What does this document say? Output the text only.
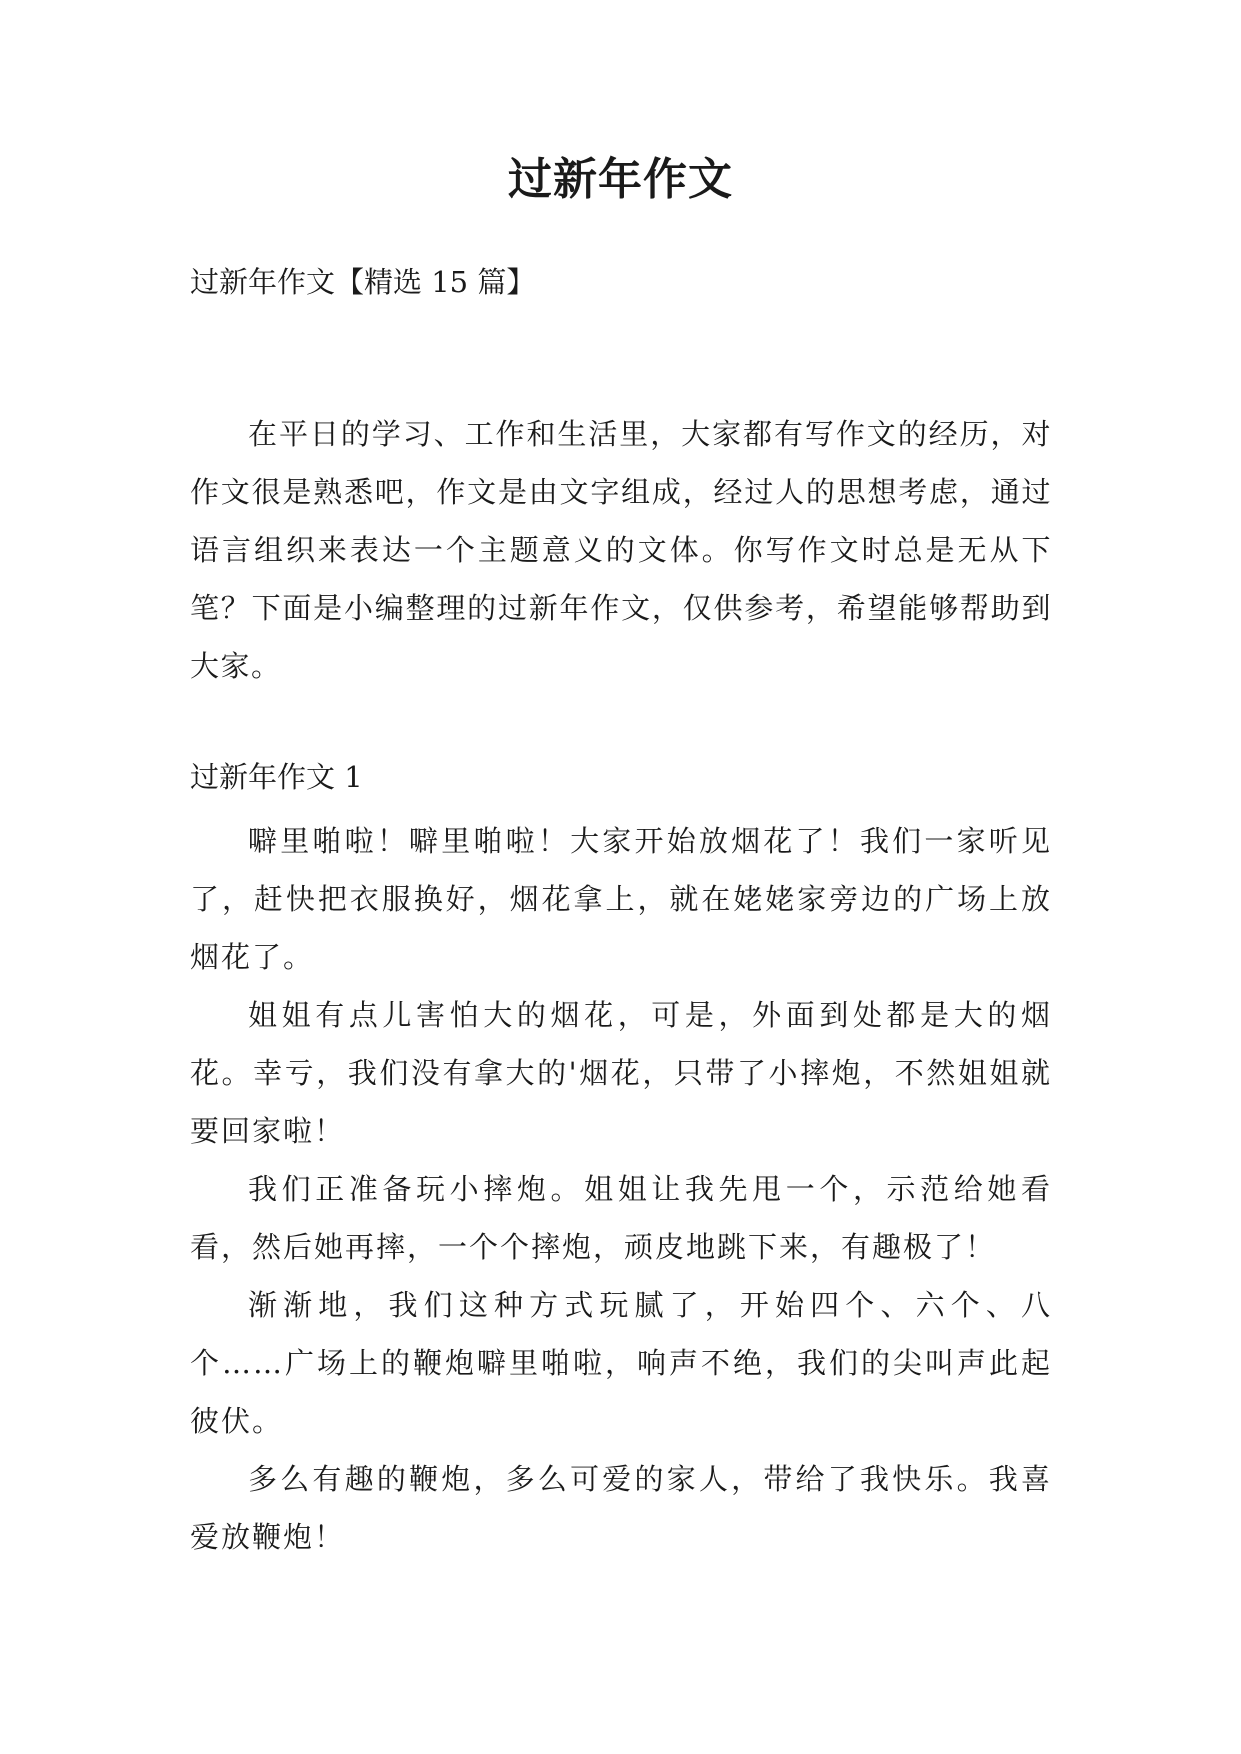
过新年作文

过新年作文【精选 15 篇】

在平日的学习、工作和生活里，大家都有写作文的经历，对作文很是熟悉吧，作文是由文字组成，经过人的思想考虑，通过语言组织来表达一个主题意义的文体。你写作文时总是无从下笔？下面是小编整理的过新年作文，仅供参考，希望能够帮助到大家。

过新年作文 1

噼里啪啦！噼里啪啦！大家开始放烟花了！我们一家听见了，赶快把衣服换好，烟花拿上，就在姥姥家旁边的广场上放烟花了。

姐姐有点儿害怕大的烟花，可是，外面到处都是大的烟花。幸亏，我们没有拿大的'烟花，只带了小摔炮，不然姐姐就要回家啦！

我们正准备玩小摔炮。姐姐让我先甩一个，示范给她看看，然后她再摔，一个个摔炮，顽皮地跳下来，有趣极了！

渐渐地，我们这种方式玩腻了，开始四个、六个、八个……广场上的鞭炮噼里啪啦，响声不绝，我们的尖叫声此起彼伏。

多么有趣的鞭炮，多么可爱的家人，带给了我快乐。我喜爱放鞭炮！
